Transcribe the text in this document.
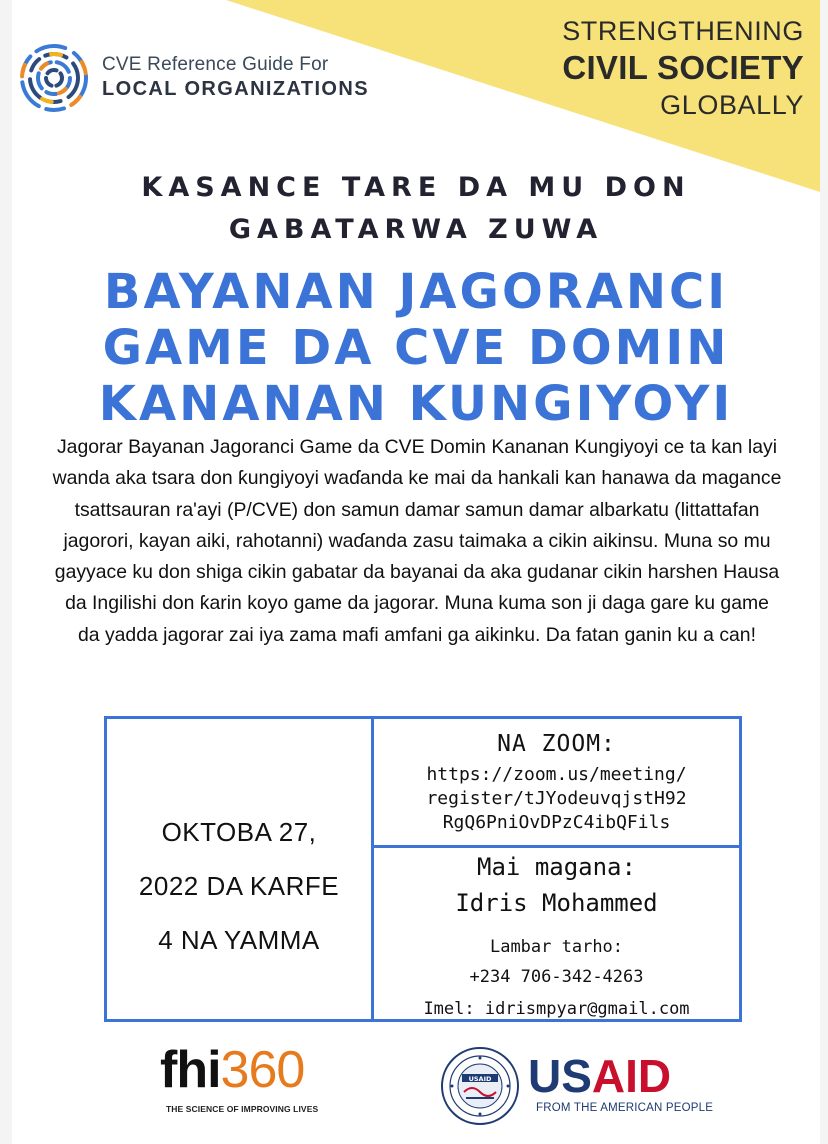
CVE Reference Guide For
LOCAL ORGANIZATIONS
STRENGTHENING
CIVIL SOCIETY
GLOBALLY
KASANCE TARE DA MU DON
GABATARWA ZUWA
BAYANAN JAGORANCI
GAME DA CVE DOMIN
KANANAN KUNGIYOYI
Jagorar Bayanan Jagoranci Game da CVE Domin Kananan Kungiyoyi ce ta kan layi wanda aka tsara don ƙungiyoyi waɗanda ke mai da hankali kan hanawa da magance tsattsauran ra'ayi (P/CVE) don samun damar samun damar albarkatu (littattafan jagorori, kayan aiki, rahotanni) waɗanda zasu taimaka a cikin aikinsu. Muna so mu gayyace ku don shiga cikin gabatar da bayanai da aka gudanar cikin harshen Hausa da Ingilishi don ƙarin koyo game da jagorar. Muna kuma son ji daga gare ku game da yadda jagorar zai iya zama mafi amfani ga aikinku. Da fatan ganin ku a can!
OKTOBA 27,
2022 DA KARFE
4 NA YAMMA
NA ZOOM:
https://zoom.us/meeting/
register/tJYodeuvqjstH92
RgQ6PniOvDPzC4ibQFils
Mai magana:
Idris Mohammed
Lambar tarho:
+234 706-342-4263
Imel: idrismpyar@gmail.com
fhi360
THE SCIENCE OF IMPROVING LIVES
USAID USAID
FROM THE AMERICAN PEOPLE
